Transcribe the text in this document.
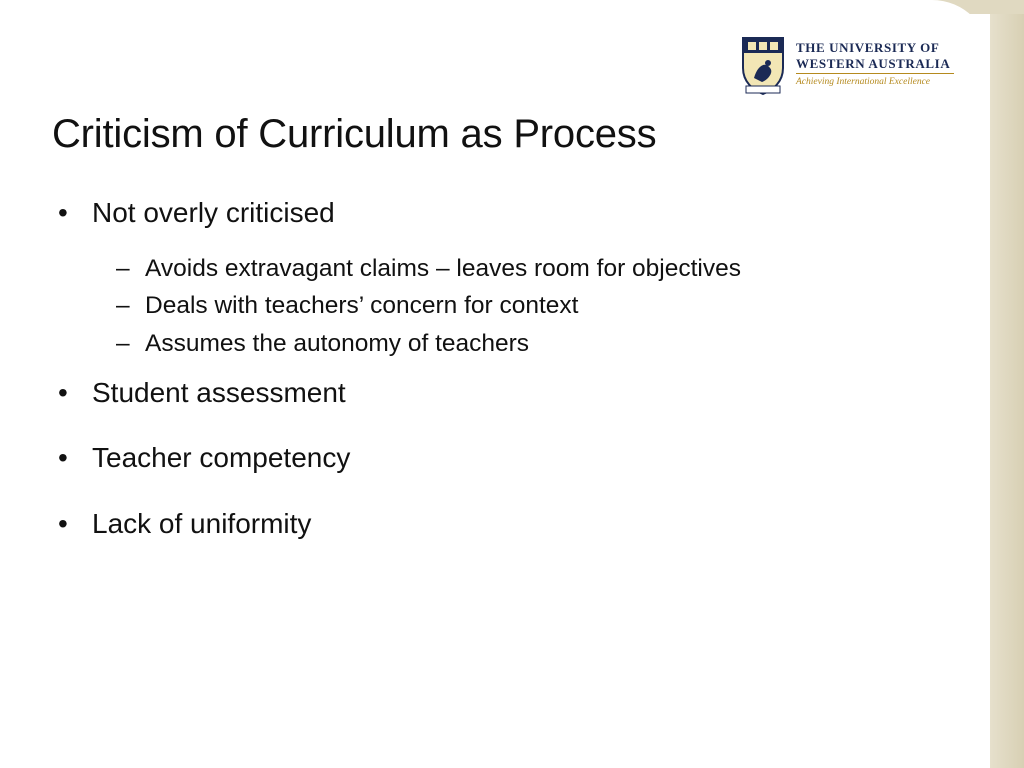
THE UNIVERSITY OF
WESTERN AUSTRALIA
Achieving International Excellence
Criticism of Curriculum as Process
• Not overly criticised
– Avoids extravagant claims – leaves room for objectives
– Deals with teachers’ concern for context
– Assumes the autonomy of teachers
• Student assessment
• Teacher competency
• Lack of uniformity
